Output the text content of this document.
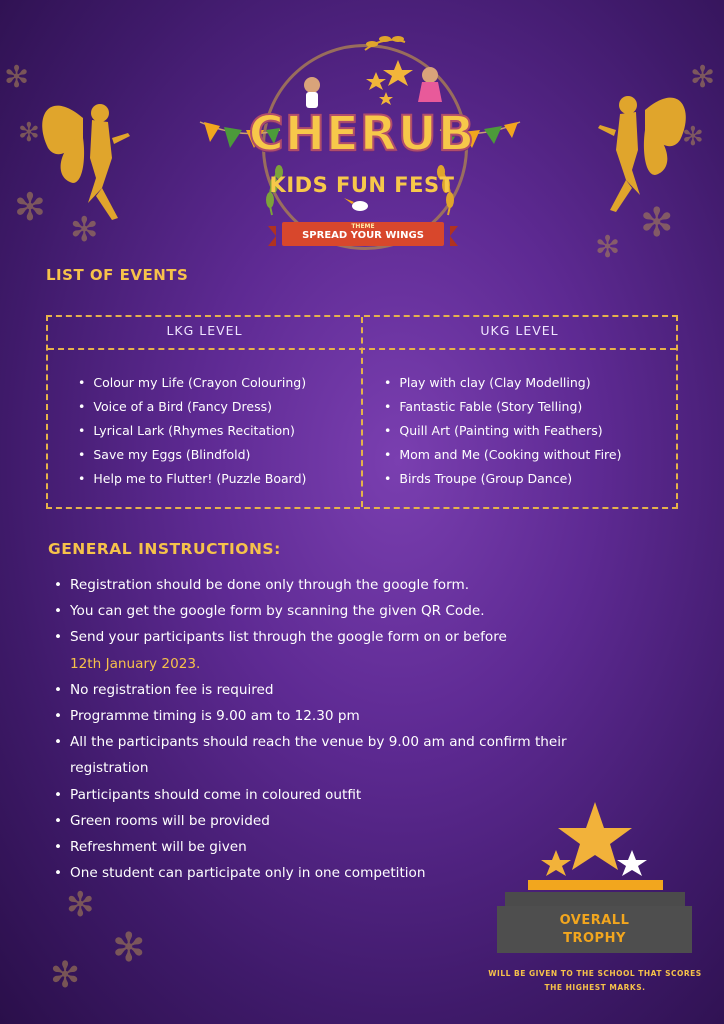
✻
✻
✻
✻
✻
✻
✻
✻
✻
✻
✻
CHERUB
KIDS FUN FEST
THEME
SPREAD YOUR WINGS
LIST OF EVENTS
LKG LEVEL	UKG LEVEL
• Colour my Life (Crayon Colouring)
• Voice of a Bird (Fancy Dress)
• Lyrical Lark (Rhymes Recitation)
• Save my Eggs (Blindfold)
• Help me to Flutter! (Puzzle Board)
• Play with clay (Clay Modelling)
• Fantastic Fable (Story Telling)
• Quill Art (Painting with Feathers)
• Mom and Me (Cooking without Fire)
• Birds Troupe (Group Dance)
GENERAL INSTRUCTIONS:
• Registration should be done only through the google form.
• You can get the google form by scanning the given QR Code.
• Send your participants list through the google form on or before
12th January 2023.
• No registration fee is required
• Programme timing is 9.00 am to 12.30 pm
• All the participants should reach the venue by 9.00 am and confirm their
registration
• Participants should come in coloured outfit
• Green rooms will be provided
• Refreshment will be given
• One student can participate only in one competition
OVERALL
TROPHY
WILL BE GIVEN TO THE SCHOOL THAT SCORES
THE HIGHEST MARKS.
